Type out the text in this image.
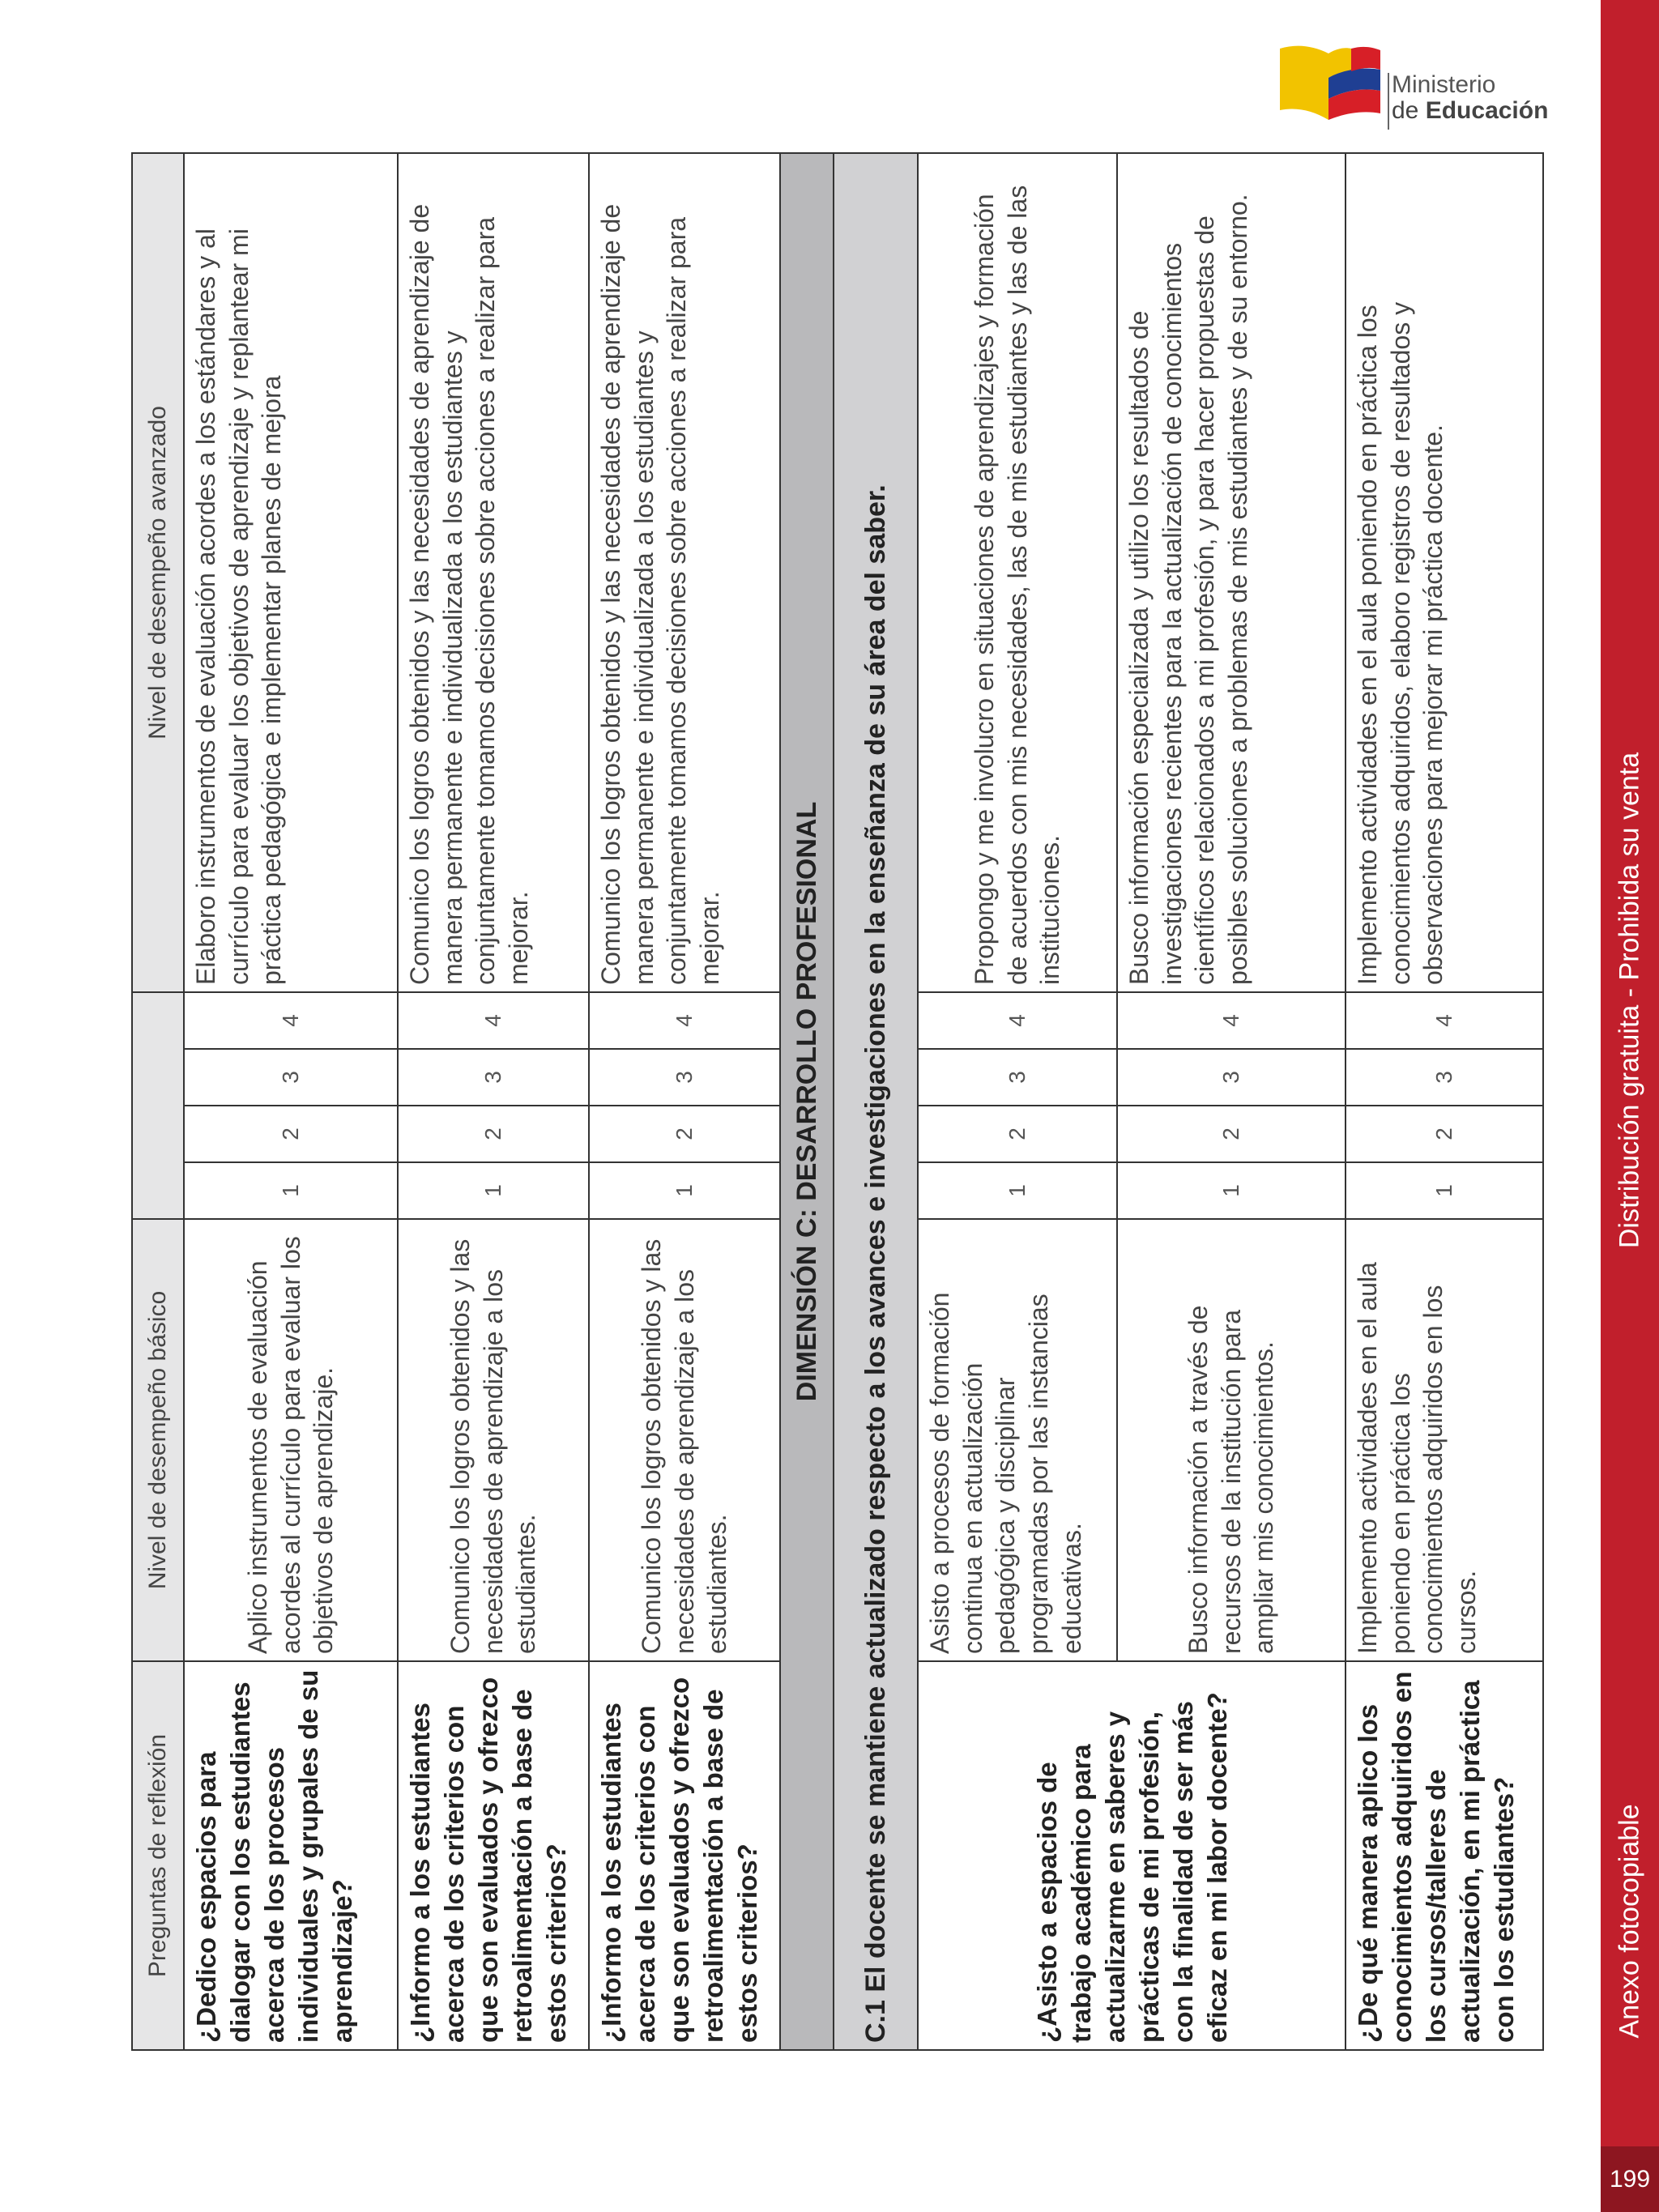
Distribución gratuita - Prohibida su venta
Anexo fotocopiable
199
Ministerio
de Educación
Preguntas de reflexión	Nivel de desempeño básico					Nivel de desempeño avanzado
¿Dedico espacios para dialogar con los estudiantes acerca de los procesos individuales y grupales de su aprendizaje?	Aplico instrumentos de evaluación acordes al currículo para evaluar los objetivos de aprendizaje.	1	2	3	4	Elaboro instrumentos de evaluación acordes a los estándares y al currículo para evaluar los objetivos de aprendizaje y replantear mi práctica pedagógica e implementar planes de mejora
¿Informo a los estudiantes acerca de los criterios con que son evaluados y ofrezco retroalimentación a base de estos criterios?	Comunico los logros obtenidos y las necesidades de aprendizaje a los estudiantes.	1	2	3	4	Comunico los logros obtenidos y las necesidades de aprendizaje de manera permanente e individualizada a los estudiantes y conjuntamente tomamos decisiones sobre acciones a realizar para mejorar.
¿Informo a los estudiantes acerca de los criterios con que son evaluados y ofrezco retroalimentación a base de estos criterios?	Comunico los logros obtenidos y las necesidades de aprendizaje a los estudiantes.	1	2	3	4	Comunico los logros obtenidos y las necesidades de aprendizaje de manera permanente e individualizada a los estudiantes y conjuntamente tomamos decisiones sobre acciones a realizar para mejorar.
DIMENSIÓN C: DESARROLLO PROFESIONAL						
C.1 El docente se mantiene actualizado respecto a los avances e investigaciones en la enseñanza de su área del saber.						
¿Asisto a espacios de trabajo académico para actualizarme en saberes y prácticas de mi profesión, con la finalidad de ser más eficaz en mi labor docente?	Asisto a procesos de formación continua en actualización pedagógica y disciplinar programadas por las instancias educativas.	1	2	3	4	Propongo y me involucro en situaciones de aprendizajes y formación de acuerdos con mis necesidades, las de mis estudiantes y las de las instituciones.
	Busco información a través de recursos de la institución para ampliar mis conocimientos.	1	2	3	4	Busco información especializada y utilizo los resultados de investigaciones recientes para la actualización de conocimientos científicos relacionados a mi profesión, y para hacer propuestas de posibles soluciones a problemas de mis estudiantes y de su entorno.
¿De qué manera aplico los conocimientos adquiridos en los cursos/talleres de actualización, en mi práctica con los estudiantes?	Implemento actividades en el aula poniendo en práctica los conocimientos adquiridos en los cursos.	1	2	3	4	Implemento actividades en el aula poniendo en práctica los conocimientos adquiridos, elaboro registros de resultados y observaciones para mejorar mi práctica docente.
